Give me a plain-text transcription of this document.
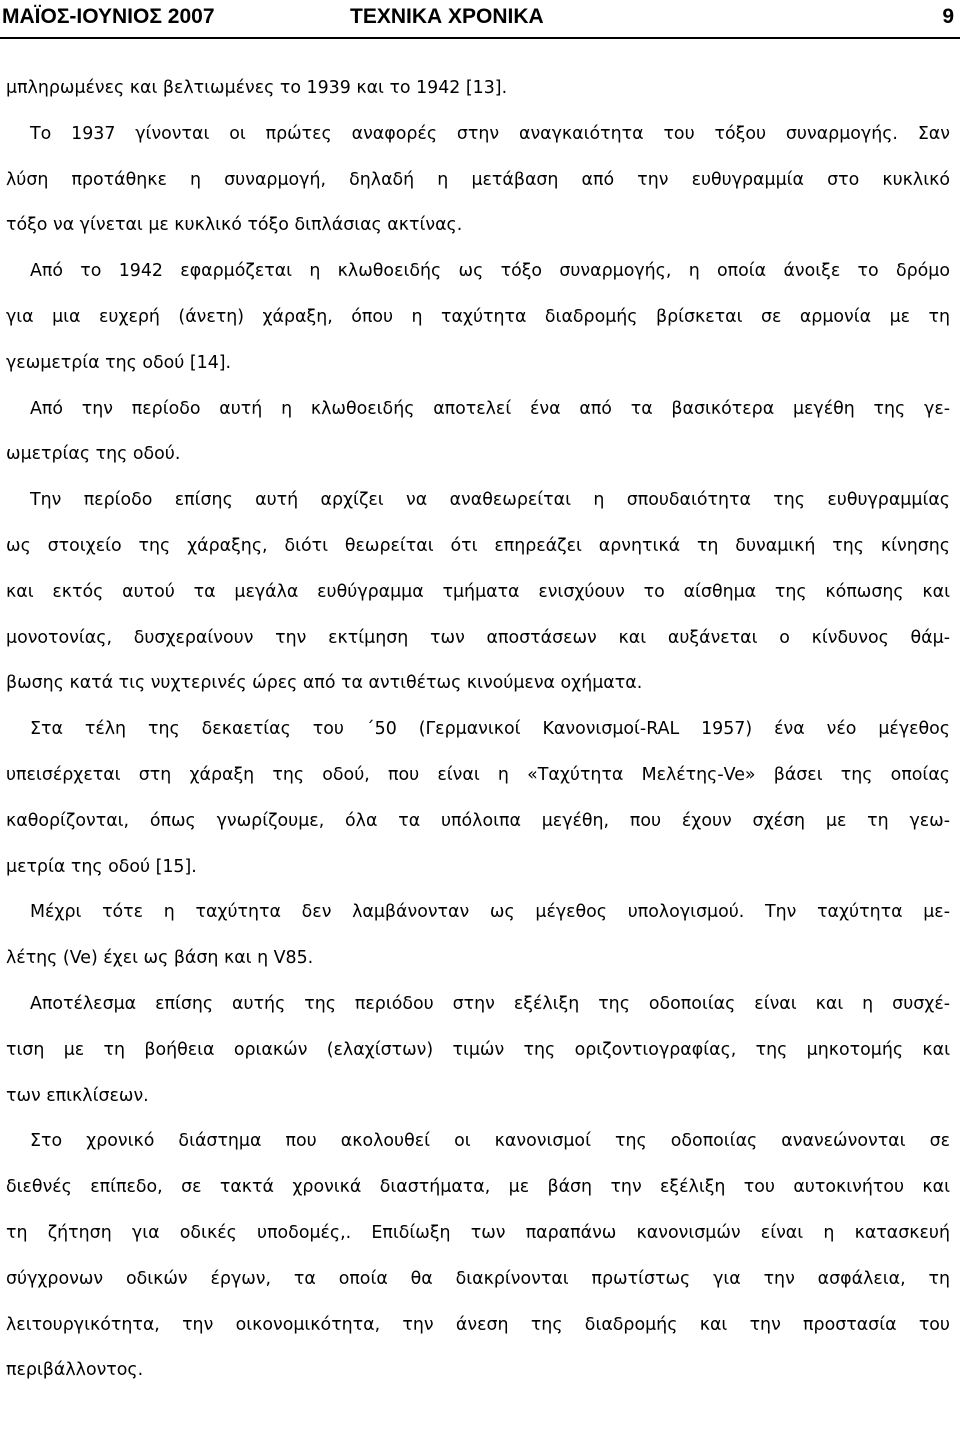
ΜΑΪΟΣ-ΙΟΥΝΙΟΣ 2007	ΤΕΧΝΙΚΑ ΧΡΟΝΙΚΑ	9
μπληρωμένες και βελτιωμένες το 1939 και το 1942 [13].
Το 1937 γίνονται οι πρώτες αναφορές στην αναγκαιότητα του τόξου συναρμογής. Σαν
λύση προτάθηκε η συναρμογή, δηλαδή η μετάβαση από την ευθυγραμμία στο κυκλικό
τόξο να γίνεται με κυκλικό τόξο διπλάσιας ακτίνας.
Από το 1942 εφαρμόζεται η κλωθοειδής ως τόξο συναρμογής, η οποία άνοιξε το δρόμο
για μια ευχερή (άνετη) χάραξη, όπου η ταχύτητα διαδρομής βρίσκεται σε αρμονία με τη
γεωμετρία της οδού [14].
Από την περίοδο αυτή η κλωθοειδής αποτελεί ένα από τα βασικότερα μεγέθη της γε-
ωμετρίας της οδού.
Την περίοδο επίσης αυτή αρχίζει να αναθεωρείται η σπουδαιότητα της ευθυγραμμίας
ως στοιχείο της χάραξης, διότι θεωρείται ότι επηρεάζει αρνητικά τη δυναμική της κίνησης
και εκτός αυτού τα μεγάλα ευθύγραμμα τμήματα ενισχύουν το αίσθημα της κόπωσης και
μονοτονίας, δυσχεραίνουν την εκτίμηση των αποστάσεων και αυξάνεται ο κίνδυνος θάμ-
βωσης κατά τις νυχτερινές ώρες από τα αντιθέτως κινούμενα οχήματα.
Στα τέλη της δεκαετίας του ΄50 (Γερμανικοί Κανονισμοί-RAL 1957) ένα νέο μέγεθος
υπεισέρχεται στη χάραξη της οδού, που είναι η «Ταχύτητα Μελέτης-Ve» βάσει της οποίας
καθορίζονται, όπως γνωρίζουμε, όλα τα υπόλοιπα μεγέθη, που έχουν σχέση με τη γεω-
μετρία της οδού [15].
Μέχρι τότε η ταχύτητα δεν λαμβάνονταν ως μέγεθος υπολογισμού. Την ταχύτητα με-
λέτης (Ve) έχει ως βάση και η V85.
Αποτέλεσμα επίσης αυτής της περιόδου στην εξέλιξη της οδοποιίας είναι και η συσχέ-
τιση με τη βοήθεια οριακών (ελαχίστων) τιμών της οριζοντιογραφίας, της μηκοτομής και
των επικλίσεων.
Στο χρονικό διάστημα που ακολουθεί οι κανονισμοί της οδοποιίας ανανεώνονται σε
διεθνές επίπεδο, σε τακτά χρονικά διαστήματα, με βάση την εξέλιξη του αυτοκινήτου και
τη ζήτηση για οδικές υποδομές,. Επιδίωξη των παραπάνω κανονισμών είναι η κατασκευή
σύγχρονων οδικών έργων, τα οποία θα διακρίνονται πρωτίστως για την ασφάλεια, τη
λειτουργικότητα, την οικονομικότητα, την άνεση της διαδρομής και την προστασία του
περιβάλλοντος.
